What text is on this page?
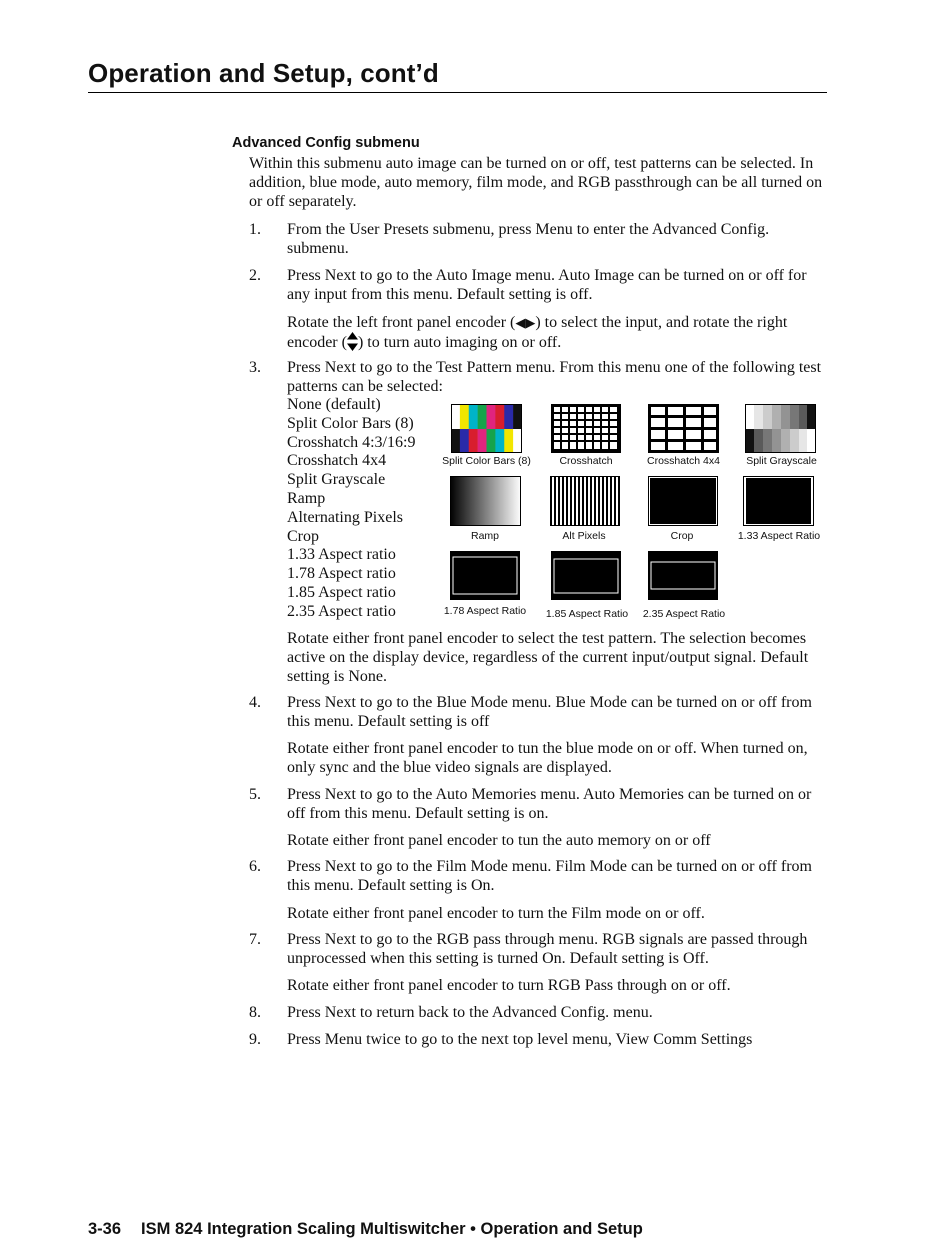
Operation and Setup, cont’d
Advanced Config submenu

Within this submenu auto image can be turned on or off, test patterns can be selected. In addition, blue mode, auto memory, film mode, and RGB passthrough can be all turned on or off separately.

1.	From the User Presets submenu, press Menu to enter the Advanced Config. submenu.
2.	Press Next to go to the Auto Image menu. Auto Image can be turned on or off for any input from this menu. Default setting is off.

Rotate the left front panel encoder (◀▶) to select the input, and rotate the right encoder ( ) to turn auto imaging on or off.

3.	Press Next to go to the Test Pattern menu. From this menu one of the following test patterns can be selected:
None (default)
Split Color Bars (8)
Crosshatch 4:3/16:9
Crosshatch 4x4
Split Grayscale
Ramp
Alternating Pixels
Crop
1.33 Aspect ratio
1.78 Aspect ratio
1.85 Aspect ratio
2.35 Aspect ratio
Split Color Bars (8)	Crosshatch	Crosshatch 4x4	Split Grayscale
Ramp	Alt Pixels	Crop	1.33 Aspect Ratio
1.78 Aspect Ratio	1.85 Aspect Ratio	2.35 Aspect Ratio

Rotate either front panel encoder to select the test pattern. The selection becomes active on the display device, regardless of the current input/output signal. Default setting is None.

4.	Press Next to go to the Blue Mode menu. Blue Mode can be turned on or off from this menu. Default setting is off

Rotate either front panel encoder to tun the blue mode on or off. When turned on, only sync and the blue video signals are displayed.

5.	Press Next to go to the Auto Memories menu. Auto Memories can be turned on or off from this menu. Default setting is on.

Rotate either front panel encoder to tun the auto memory on or off

6.	Press Next to go to the Film Mode menu. Film Mode can be turned on or off from this menu. Default setting is On.

Rotate either front panel encoder to turn the Film mode on or off.

7.	Press Next to go to the RGB pass through menu. RGB signals are passed through unprocessed when this setting is turned On. Default setting is Off.

Rotate either front panel encoder to turn RGB Pass through on or off.

8.	Press Next to return back to the Advanced Config. menu.
9.	Press Menu twice to go to the next top level menu, View Comm Settings
3-36 ISM 824 Integration Scaling Multiswitcher • Operation and Setup
